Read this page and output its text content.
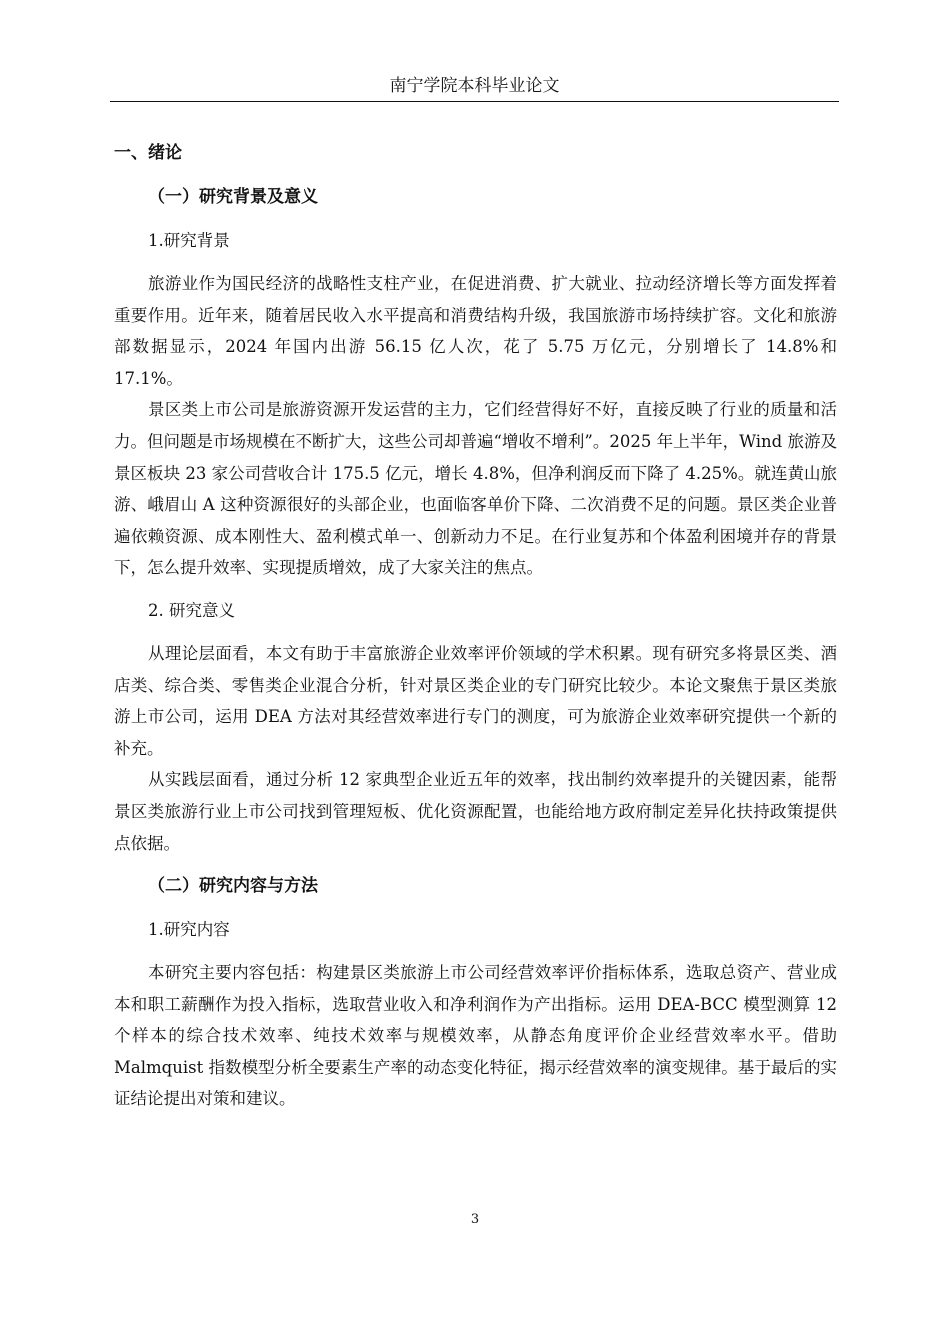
南宁学院本科毕业论文
一、绪论
（一）研究背景及意义
1.研究背景

旅游业作为国民经济的战略性支柱产业，在促进消费、扩大就业、拉动经济增长等方面发挥着重要作用。近年来，随着居民收入水平提高和消费结构升级，我国旅游市场持续扩容。文化和旅游部数据显示，2024 年国内出游 56.15 亿人次，花了 5.75 万亿元，分别增长了 14.8%和 17.1%。

景区类上市公司是旅游资源开发运营的主力，它们经营得好不好，直接反映了行业的质量和活力。但问题是市场规模在不断扩大，这些公司却普遍“增收不增利”。2025 年上半年，Wind 旅游及景区板块 23 家公司营收合计 175.5 亿元，增长 4.8%，但净利润反而下降了 4.25%。就连黄山旅游、峨眉山 A 这种资源很好的头部企业，也面临客单价下降、二次消费不足的问题。景区类企业普遍依赖资源、成本刚性大、盈利模式单一、创新动力不足。在行业复苏和个体盈利困境并存的背景下，怎么提升效率、实现提质增效，成了大家关注的焦点。

2. 研究意义

从理论层面看，本文有助于丰富旅游企业效率评价领域的学术积累。现有研究多将景区类、酒店类、综合类、零售类企业混合分析，针对景区类企业的专门研究比较少。本论文聚焦于景区类旅游上市公司，运用 DEA 方法对其经营效率进行专门的测度，可为旅游企业效率研究提供一个新的补充。

从实践层面看，通过分析 12 家典型企业近五年的效率，找出制约效率提升的关键因素，能帮景区类旅游行业上市公司找到管理短板、优化资源配置，也能给地方政府制定差异化扶持政策提供点依据。

（二）研究内容与方法
1.研究内容

本研究主要内容包括：构建景区类旅游上市公司经营效率评价指标体系，选取总资产、营业成本和职工薪酬作为投入指标，选取营业收入和净利润作为产出指标。运用 DEA-BCC 模型测算 12 个样本的综合技术效率、纯技术效率与规模效率，从静态角度评价企业经营效率水平。借助 Malmquist 指数模型分析全要素生产率的动态变化特征，揭示经营效率的演变规律。基于最后的实证结论提出对策和建议。

3
